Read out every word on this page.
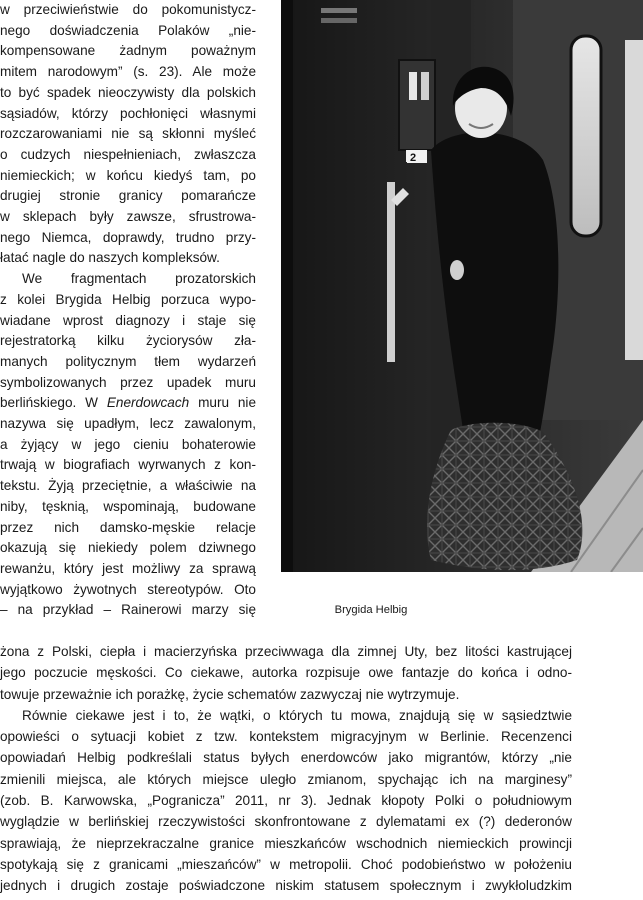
w przeciwieństwie do pokomunistycz-
nego doświadczenia Polaków „nie-
kompensowane żadnym poważnym
mitem narodowym” (s. 23). Ale może
to być spadek nieoczywisty dla polskich
sąsiadów, którzy pochłonięci własnymi
rozczarowaniami nie są skłonni myśleć
o cudzych niespełnieniach, zwłaszcza
niemieckich; w końcu kiedyś tam, po
drugiej stronie granicy pomarańcze
w sklepach były zawsze, sfrustrowa-
nego Niemca, doprawdy, trudno przy-
łatać nagle do naszych kompleksów.
We fragmentach prozatorskich
z kolei Brygida Helbig porzuca wypo-
wiadane wprost diagnozy i staje się
rejestratorką kilku życiorysów zła-
manych politycznym tłem wydarzeń
symbolizowanych przez upadek muru
berlińskiego. W Enerdowcach muru nie
nazywa się upadłym, lecz zawalonym,
a żyjący w jego cieniu bohaterowie
trwają w biografiach wyrwanych z kon-
tekstu. Żyją przeciętnie, a właściwie na
niby, tęsknią, wspominają, budowane
przez nich damsko-męskie relacje
okazują się niekiedy polem dziwnego
rewanżu, który jest możliwy za sprawą
wyjątkowo żywotnych stereotypów. Oto
– na przykład – Rainerowi marzy się
2
Brygida Helbig
żona z Polski, ciepła i macierzyńska przeciwwaga dla zimnej Uty, bez litości kastrującej
jego poczucie męskości. Co ciekawe, autorka rozpisuje owe fantazje do końca i odno-
towuje przeważnie ich porażkę, życie schematów zazwyczaj nie wytrzymuje.
Równie ciekawe jest i to, że wątki, o których tu mowa, znajdują się w sąsiedztwie
opowieści o sytuacji kobiet z tzw. kontekstem migracyjnym w Berlinie. Recenzenci
opowiadań Helbig podkreślali status byłych enerdowców jako migrantów, którzy „nie
zmienili miejsca, ale których miejsce uległo zmianom, spychając ich na marginesy”
(zob. B. Karwowska, „Pogranicza” 2011, nr 3). Jednak kłopoty Polki o południowym
wyglądzie w berlińskiej rzeczywistości skonfrontowane z dylematami ex (?) dederonów
sprawiają, że nieprzekraczalne granice mieszkańców wschodnich niemieckich prowincji
spotykają się z granicami „mieszańców” w metropolii. Choć podobieństwo w położeniu
jednych i drugich zostaje poświadczone niskim statusem społecznym i zwykłoludzkim
